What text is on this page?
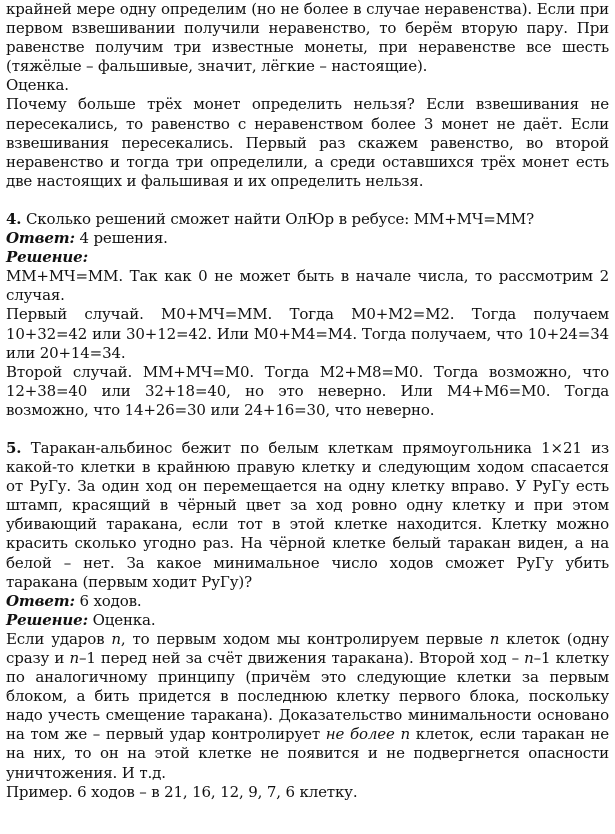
крайней мере одну определим (но не более в случае неравенства). Если при первом взвешивании получили неравенство, то берём вторую пару. При равенстве получим три известные монеты, при неравенстве все шесть (тяжёлые – фальшивые, значит, лёгкие – настоящие).

Оценка.

Почему больше трёх монет определить нельзя? Если взвешивания не пересекались, то равенство с неравенством более 3 монет не даёт. Если взвешивания пересекались. Первый раз скажем равенство, во второй неравенство и тогда три определили, а среди оставшихся трёх монет есть две настоящих и фальшивая и их определить нельзя.

4. Сколько решений сможет найти ОлЮр в ребусе: ММ+МЧ=ММ?

Ответ: 4 решения.

Решение:

ММ+МЧ=ММ. Так как 0 не может быть в начале числа, то рассмотрим 2 случая.

Первый случай. М0+МЧ=ММ. Тогда М0+М2=М2. Тогда получаем 10+32=42 или 30+12=42. Или М0+М4=М4. Тогда получаем, что 10+24=34 или 20+14=34.

Второй случай. ММ+МЧ=М0. Тогда М2+М8=М0. Тогда возможно, что 12+38=40 или 32+18=40, но это неверно. Или М4+М6=М0. Тогда возможно, что 14+26=30 или 24+16=30, что неверно.

5. Таракан-альбинос бежит по белым клеткам прямоугольника 1×21 из какой-то клетки в крайнюю правую клетку и следующим ходом спасается от РуГу. За один ход он перемещается на одну клетку вправо. У РуГу есть штамп, красящий в чёрный цвет за ход ровно одну клетку и при этом убивающий таракана, если тот в этой клетке находится. Клетку можно красить сколько угодно раз. На чёрной клетке белый таракан виден, а на белой – нет. За какое минимальное число ходов сможет РуГу убить таракана (первым ходит РуГу)?

Ответ: 6 ходов.

Решение: Оценка.

Если ударов n, то первым ходом мы контролируем первые n клеток (одну сразу и n–1 перед ней за счёт движения таракана). Второй ход – n–1 клетку по аналогичному принципу (причём это следующие клетки за первым блоком, а бить придется в последнюю клетку первого блока, поскольку надо учесть смещение таракана). Доказательство минимальности основано на том же – первый удар контролирует не более n клеток, если таракан не на них, то он на этой клетке не появится и не подвергнется опасности уничтожения. И т.д.

Пример. 6 ходов – в 21, 16, 12, 9, 7, 6 клетку.
